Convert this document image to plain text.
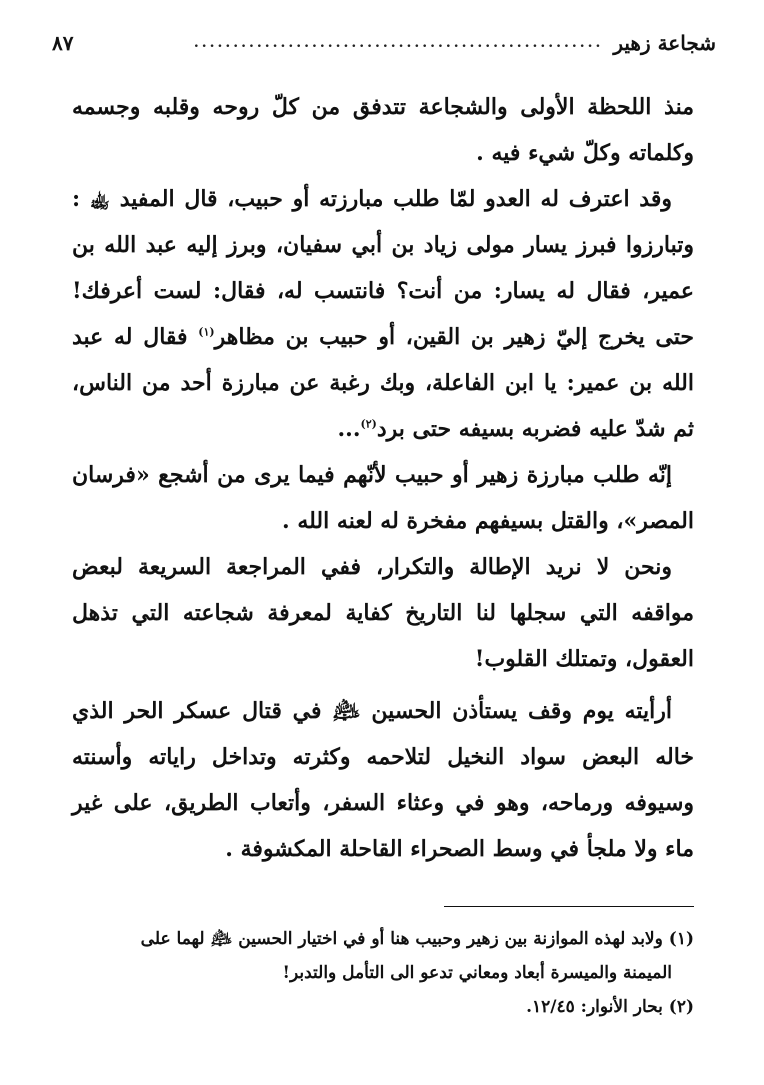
شجاعة زهير
....................................................
٨٧

منذ اللحظة الأولى والشجاعة تتدفق من كلّ روحه وقلبه وجسمه وكلماته وكلّ شيء فيه .

وقد اعترف له العدو لمّا طلب مبارزته أو حبيب، قال المفيد ﵀ : وتبارزوا فبرز يسار مولى زياد بن أبي سفيان، وبرز إليه عبد الله بن عمير، فقال له يسار: من أنت؟ فانتسب له، فقال: لست أعرفك! حتى يخرج إليّ زهير بن القين، أو حبيب بن مظاهر$^{(١)}$ فقال له عبد الله بن عمير: يا ابن الفاعلة، وبك رغبة عن مبارزة أحد من الناس، ثم شدّ عليه فضربه بسيفه حتى برد$^{(٢)}$...

إنّه طلب مبارزة زهير أو حبيب لأنّهم فيما يرى من أشجع «فرسان المصر»، والقتل بسيفهم مفخرة له لعنه الله .

ونحن لا نريد الإطالة والتكرار، ففي المراجعة السريعة لبعض مواقفه التي سجلها لنا التاريخ كفاية لمعرفة شجاعته التي تذهل العقول، وتمتلك القلوب!

أرأيته يوم وقف يستأذن الحسين ﵇ في قتال عسكر الحر الذي خاله البعض سواد النخيل لتلاحمه وكثرته وتداخل راياته وأسنته وسيوفه ورماحه، وهو في وعثاء السفر، وأتعاب الطريق، على غير ماء ولا ملجأ في وسط الصحراء القاحلة المكشوفة .

(١) ولابد لهذه الموازنة بين زهير وحبيب هنا أو في اختيار الحسين ﵇ لهما على

الميمنة والميسرة أبعاد ومعاني تدعو الى التأمل والتدبر!

(٢) بحار الأنوار: ١٢/٤٥.
